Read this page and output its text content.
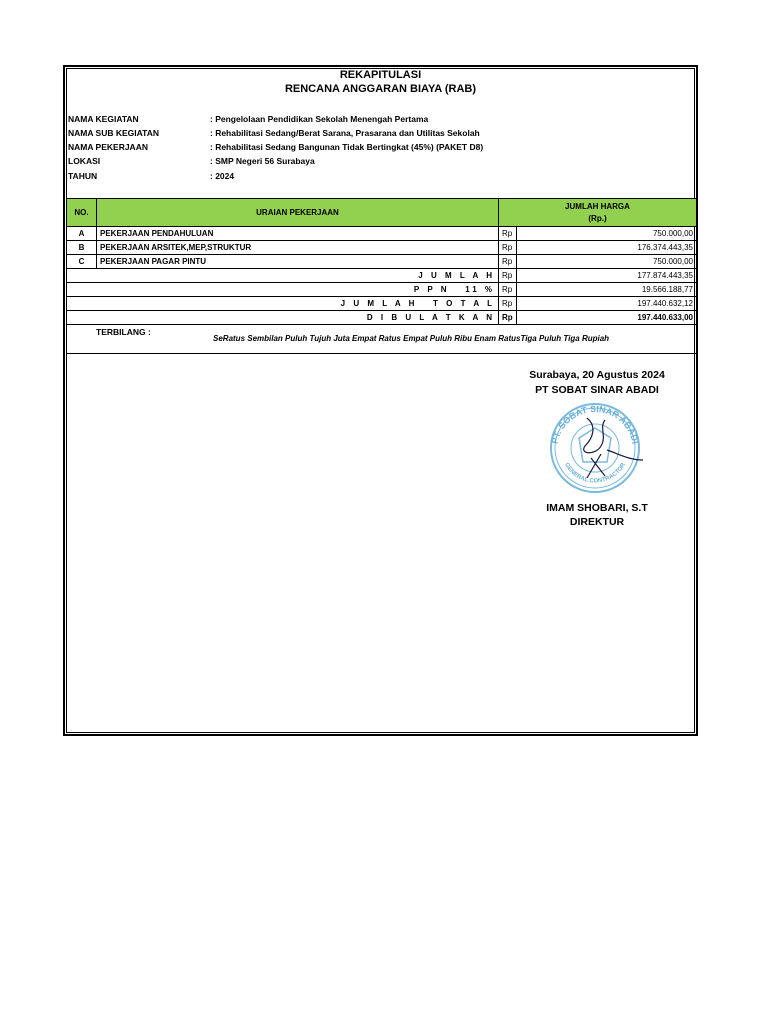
REKAPITULASI
RENCANA ANGGARAN BIAYA (RAB)
NAMA KEGIATAN	: Pengelolaan Pendidikan Sekolah Menengah Pertama
NAMA SUB KEGIATAN	: Rehabilitasi Sedang/Berat Sarana, Prasarana dan Utilitas Sekolah
NAMA PEKERJAAN	: Rehabilitasi Sedang Bangunan Tidak Bertingkat (45%) (PAKET D8)
LOKASI	: SMP Negeri 56 Surabaya
TAHUN	: 2024
NO.	URAIAN PEKERJAAN	JUMLAH HARGA
(Rp.)	

A	PEKERJAAN PENDAHULUAN	Rp	750.000,00
B	PEKERJAAN ARSITEK,MEP,STRUKTUR	Rp	176.374.443,35
C	PEKERJAAN PAGAR PINTU	Rp	750.000,00
J U M L A H		Rp	177.874.443,35
P P N   11 %		Rp	19.566.188,77
J U M L A H   T O T A L		Rp	197.440.632,12
D I B U L A T K A N		Rp	197.440.633,00
TERBILANG :
SeRatus Sembilan Puluh Tujuh Juta Empat Ratus Empat Puluh Ribu Enam RatusTiga Puluh Tiga Rupiah
Surabaya, 20 Agustus 2024
PT SOBAT SINAR ABADI
PT. SOBAT SINAR ABADI
GENERAL CONTRACTOR
IMAM SHOBARI, S.T
DIREKTUR
